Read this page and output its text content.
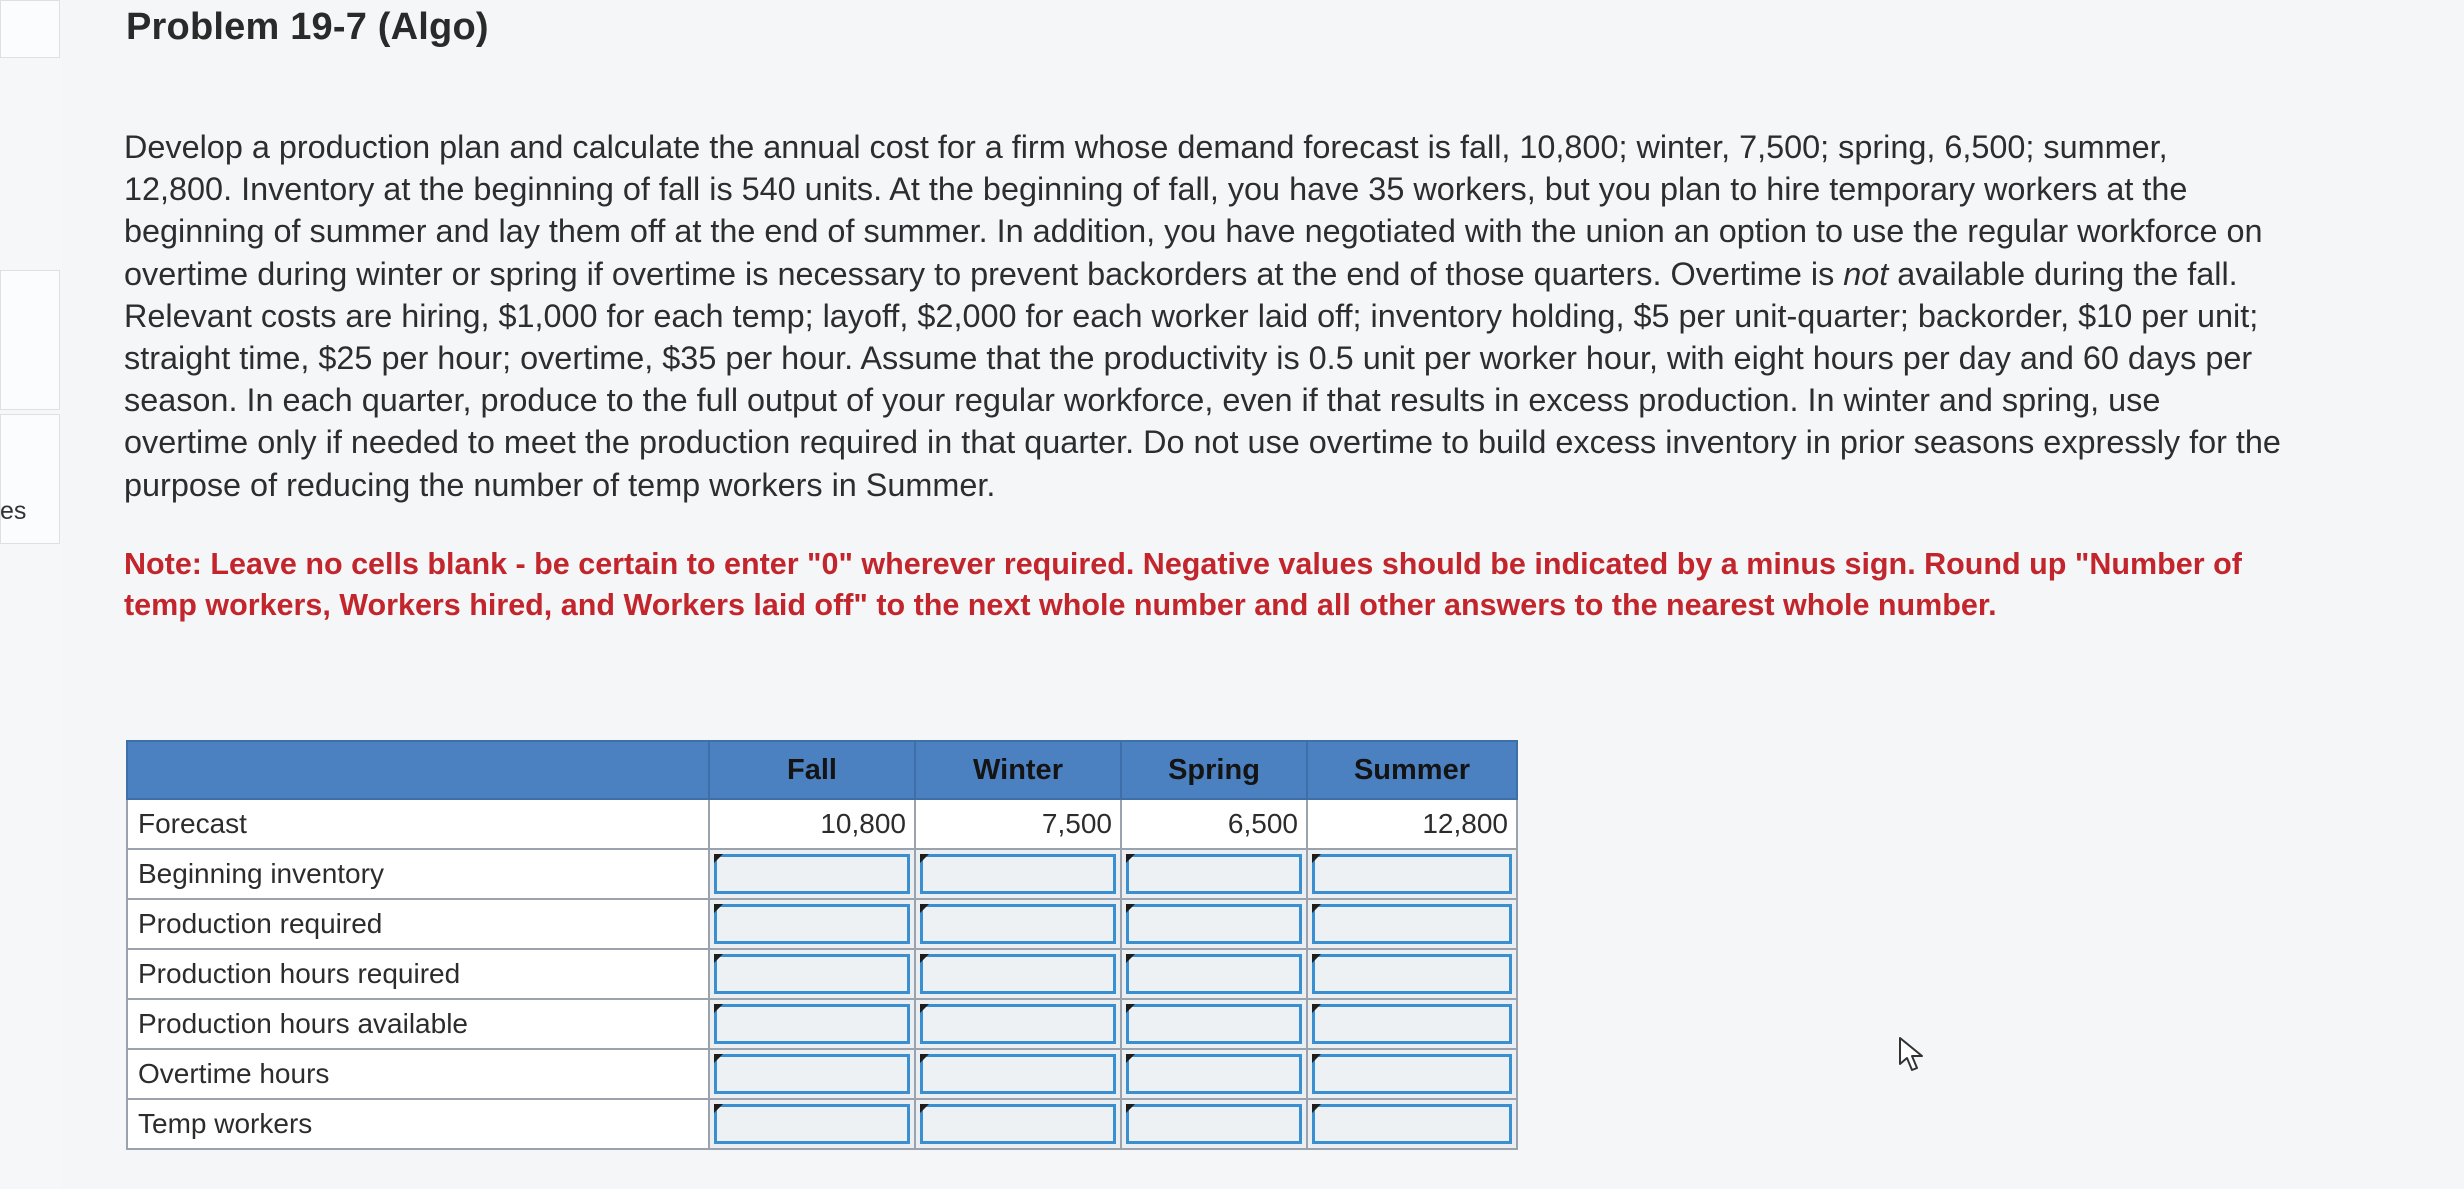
es
Problem 19-7 (Algo)
Develop a production plan and calculate the annual cost for a firm whose demand forecast is fall, 10,800; winter, 7,500; spring, 6,500; summer, 12,800. Inventory at the beginning of fall is 540 units. At the beginning of fall, you have 35 workers, but you plan to hire temporary workers at the beginning of summer and lay them off at the end of summer. In addition, you have negotiated with the union an option to use the regular workforce on overtime during winter or spring if overtime is necessary to prevent backorders at the end of those quarters. Overtime is not available during the fall. Relevant costs are hiring, $1,000 for each temp; layoff, $2,000 for each worker laid off; inventory holding, $5 per unit-quarter; backorder, $10 per unit; straight time, $25 per hour; overtime, $35 per hour. Assume that the productivity is 0.5 unit per worker hour, with eight hours per day and 60 days per season. In each quarter, produce to the full output of your regular workforce, even if that results in excess production. In winter and spring, use overtime only if needed to meet the production required in that quarter. Do not use overtime to build excess inventory in prior seasons expressly for the purpose of reducing the number of temp workers in Summer.
Note: Leave no cells blank - be certain to enter "0" wherever required. Negative values should be indicated by a minus sign. Round up "Number of temp workers, Workers hired, and Workers laid off" to the next whole number and all other answers to the nearest whole number.
	Fall	Winter	Spring	Summer
Forecast	10,800	7,500	6,500	12,800
Beginning inventory	

Production required	

Production hours required	

Production hours available	

Overtime hours	

Temp workers	
